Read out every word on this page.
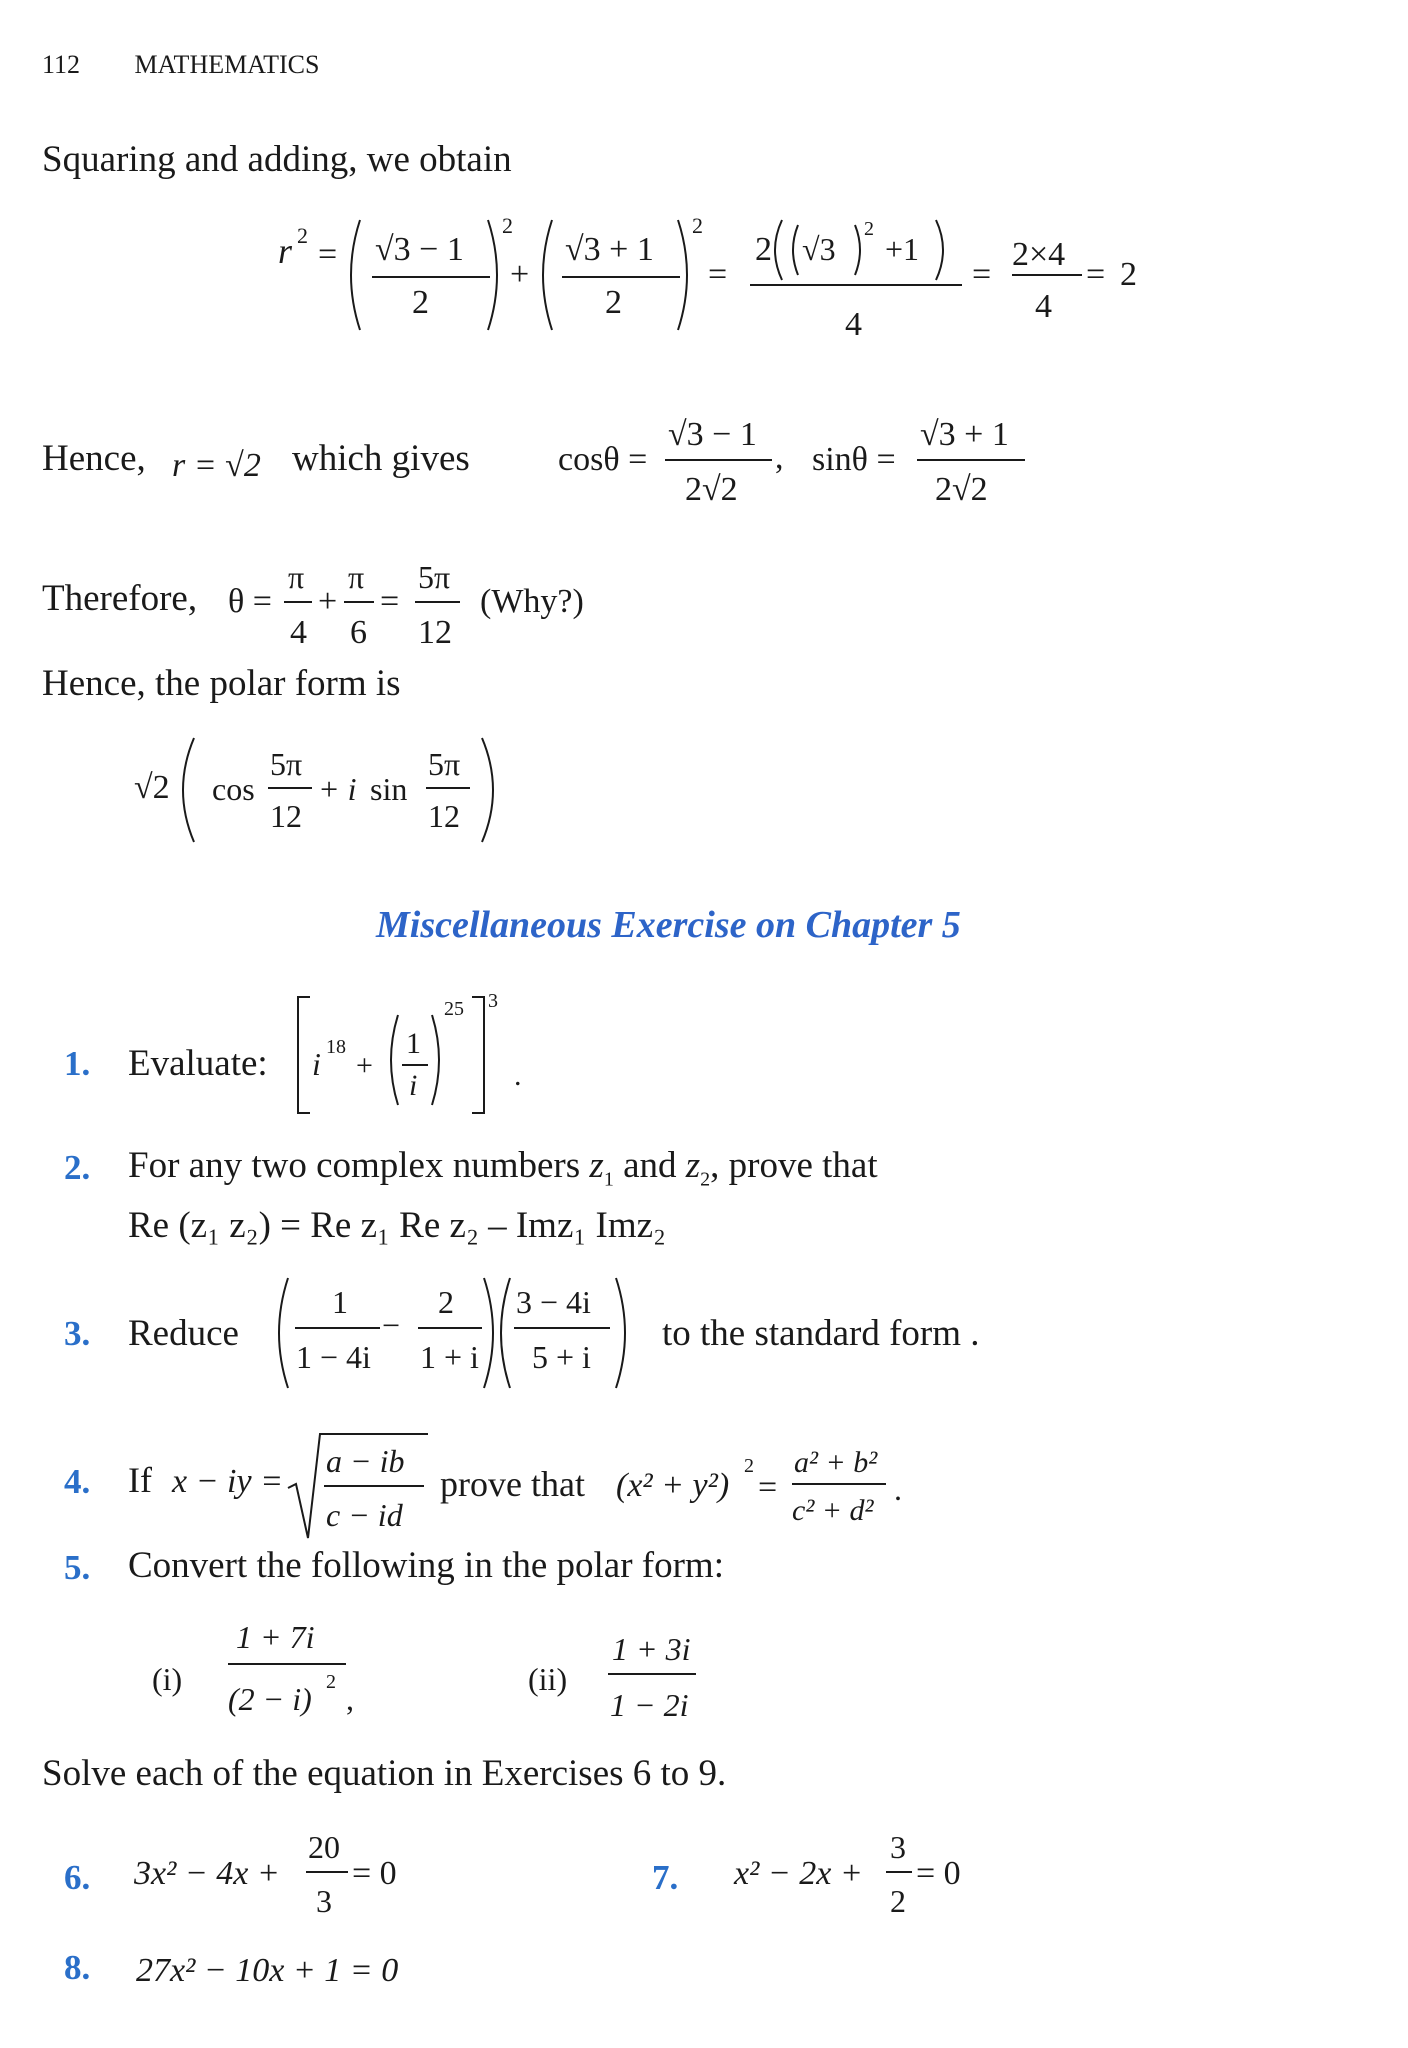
112 MATHEMATICS
Squaring and adding, we obtain
r 2
= √3 − 1
2
2
+
√3 + 1
2
2
=
2 √3
2
+1
4
=
2×4
4
= 2
Hence, r = √2 which gives	cosθ =
√3 − 1
2√2
, sinθ =
√3 + 1
2√2
Therefore, θ =
π
4
+
π
6
=
5π
12
(Why?)
Hence, the polar form is
√2 cos
5π
12
+ i sin
5π
12
Miscellaneous Exercise on Chapter 5
1. Evaluate: i 18
+
1
i
25 3
.
2. For any two complex numbers $z_1$ and $z_2$, prove that
Re (z₁ z₂) = Re z₁ Re z₂ – Imz₁ Imz₂
3. Reduce
1
1 − 4i
−
2
1 + i
3 − 4i
5 + i
to the standard form .
4. If x − iy =
a − ib
c − id
prove that (x² + y²)
2
=
a² + b²
c² + d²
.
5. Convert the following in the polar form:
(i)
1 + 7i
(2 − i) 2 ,
(ii)
1 + 3i
1 − 2i
Solve each of the equation in Exercises 6 to 9.
6. 3x² − 4x +
20
3
= 0	7. x² − 2x +
3
2
= 0
8. 27x² − 10x + 1 = 0
